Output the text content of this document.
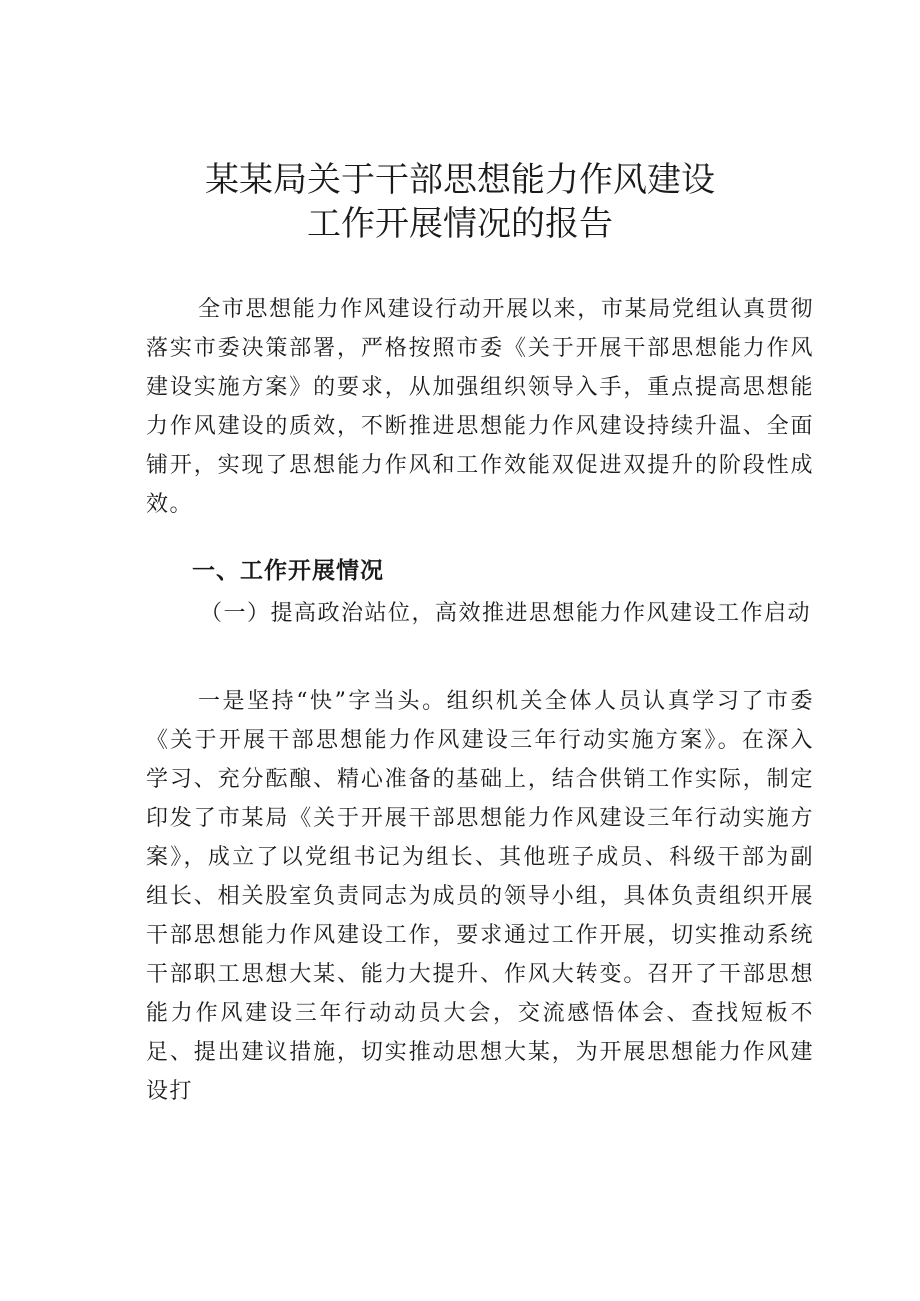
某某局关于干部思想能力作风建设
工作开展情况的报告

全市思想能力作风建设行动开展以来，市某局党组认真贯彻落实市委决策部署，严格按照市委《关于开展干部思想能力作风建设实施方案》的要求，从加强组织领导入手，重点提高思想能力作风建设的质效，不断推进思想能力作风建设持续升温、全面铺开，实现了思想能力作风和工作效能双促进双提升的阶段性成效。

一、工作开展情况

（一）提高政治站位，高效推进思想能力作风建设工作启动

一是坚持“快”字当头。组织机关全体人员认真学习了市委《关于开展干部思想能力作风建设三年行动实施方案》。在深入学习、充分酝酿、精心准备的基础上，结合供销工作实际，制定印发了市某局《关于开展干部思想能力作风建设三年行动实施方案》，成立了以党组书记为组长、其他班子成员、科级干部为副组长、相关股室负责同志为成员的领导小组，具体负责组织开展干部思想能力作风建设工作，要求通过工作开展，切实推动系统干部职工思想大某、能力大提升、作风大转变。召开了干部思想能力作风建设三年行动动员大会，交流感悟体会、查找短板不足、提出建议措施，切实推动思想大某，为开展思想能力作风建设打
